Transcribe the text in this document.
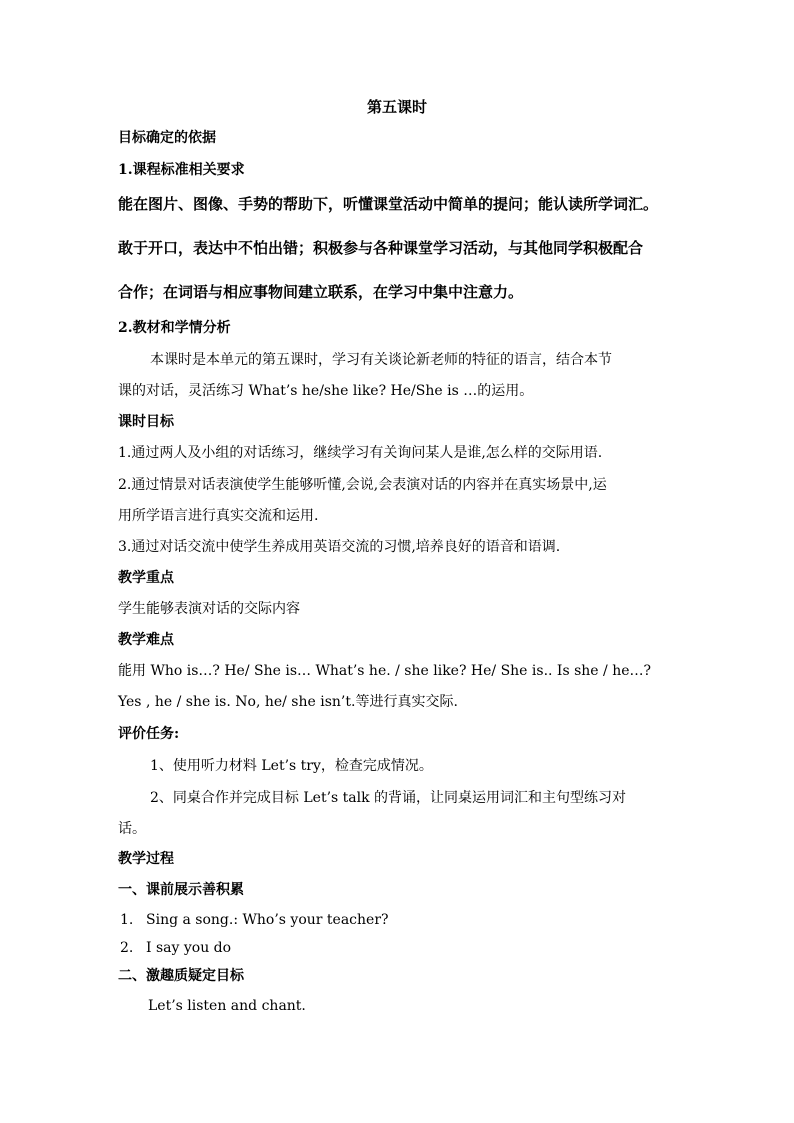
第五课时
目标确定的依据
1.课程标准相关要求
能在图片、图像、手势的帮助下，听懂课堂活动中简单的提问；能认读所学词汇。
敢于开口，表达中不怕出错；积极参与各种课堂学习活动，与其他同学积极配合
合作；在词语与相应事物间建立联系，在学习中集中注意力。
2.教材和学情分析
本课时是本单元的第五课时，学习有关谈论新老师的特征的语言，结合本节
课的对话，灵活练习 What’s he/she like? He/She is …的运用。
课时目标
1.通过两人及小组的对话练习，继续学习有关询问某人是谁,怎么样的交际用语.
2.通过情景对话表演使学生能够听懂,会说,会表演对话的内容并在真实场景中,运
用所学语言进行真实交流和运用.
3.通过对话交流中使学生养成用英语交流的习惯,培养良好的语音和语调.
教学重点
学生能够表演对话的交际内容
教学难点
能用 Who is…? He/ She is… What’s he. / she like? He/ She is.. Is she / he…?
Yes , he / she is. No, he/ she isn’t.等进行真实交际.
评价任务:
1、使用听力材料 Let’s try，检查完成情况。
2、同桌合作并完成目标 Let’s talk 的背诵，让同桌运用词汇和主句型练习对
话。
教学过程
一、课前展示善积累
1. Sing a song.: Who’s your teacher?
2. I say you do
二、激趣质疑定目标
Let’s listen and chant.
